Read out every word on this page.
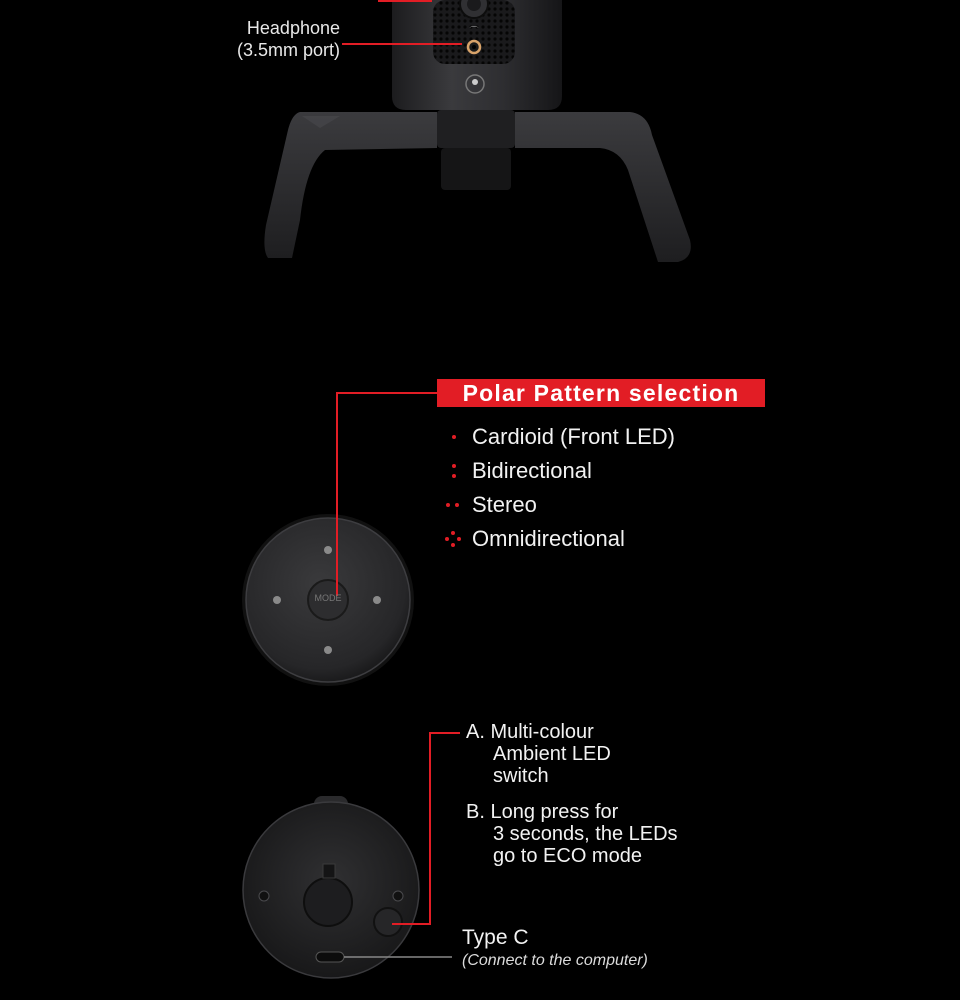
⌒
MODE
Headphone
(3.5mm port)
Polar Pattern selection
Cardioid (Front LED)
Bidirectional
Stereo
Omnidirectional
A. Multi-colour
Ambient LED
switch
B. Long press for
3 seconds, the LEDs
go to ECO mode
Type C
(Connect to the computer)
